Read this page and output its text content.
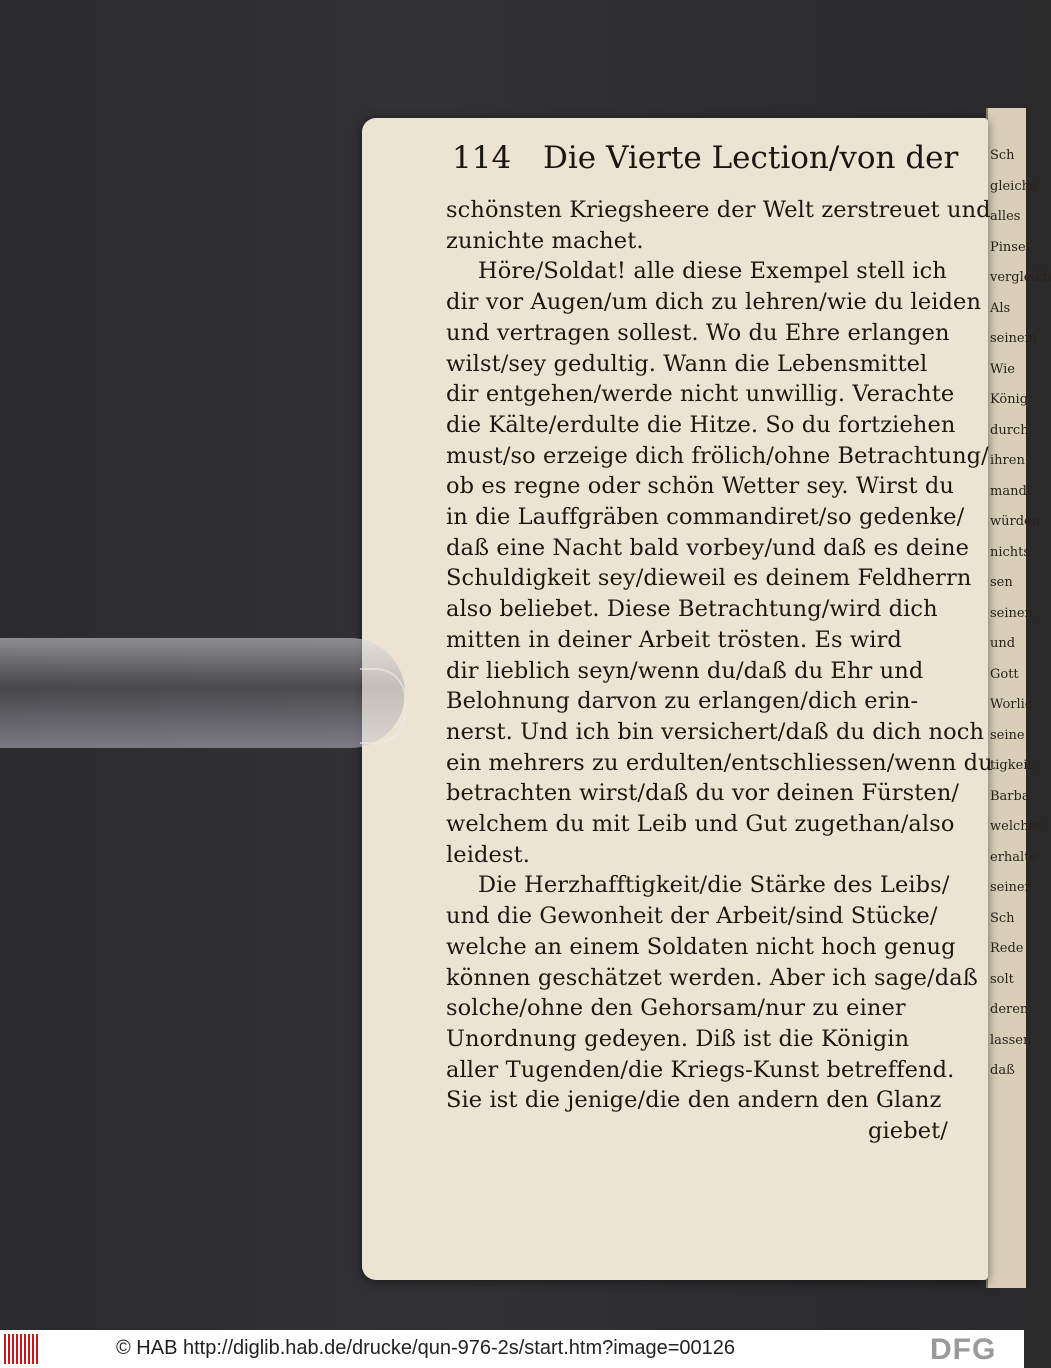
Sch
gleiche
alles
Pinsel
vergleich
Als
seinem
Wie
König
durch
ihren
mandi
würden
nichts
sen
seinen
und
Gott
Worlic
seine
tigkeit
Barba
welcher
erhalte
seiner
Sch
Rede
solt
deren
lassen
daß
114 Die Vierte Lection/von der
schönsten Kriegsheere der Welt zerstreuet und
zunichte machet.
Höre/Soldat! alle diese Exempel stell ich
dir vor Augen/um dich zu lehren/wie du leiden
und vertragen sollest. Wo du Ehre erlangen
wilst/sey gedultig. Wann die Lebensmittel
dir entgehen/werde nicht unwillig. Verachte
die Kälte/erdulte die Hitze. So du fortziehen
must/so erzeige dich frölich/ohne Betrachtung/
ob es regne oder schön Wetter sey. Wirst du
in die Lauffgräben commandiret/so gedenke/
daß eine Nacht bald vorbey/und daß es deine
Schuldigkeit sey/dieweil es deinem Feldherrn
also beliebet. Diese Betrachtung/wird dich
mitten in deiner Arbeit trösten. Es wird
dir lieblich seyn/wenn du/daß du Ehr und
Belohnung darvon zu erlangen/dich erin-
nerst. Und ich bin versichert/daß du dich noch
ein mehrers zu erdulten/entschliessen/wenn du
betrachten wirst/daß du vor deinen Fürsten/
welchem du mit Leib und Gut zugethan/also
leidest.
Die Herzhafftigkeit/die Stärke des Leibs/
und die Gewonheit der Arbeit/sind Stücke/
welche an einem Soldaten nicht hoch genug
können geschätzet werden. Aber ich sage/daß
solche/ohne den Gehorsam/nur zu einer
Unordnung gedeyen. Diß ist die Königin
aller Tugenden/die Kriegs-Kunst betreffend.
Sie ist die jenige/die den andern den Glanz
giebet/
© HAB http://diglib.hab.de/drucke/qun-976-2s/start.htm?image=00126	DFG
